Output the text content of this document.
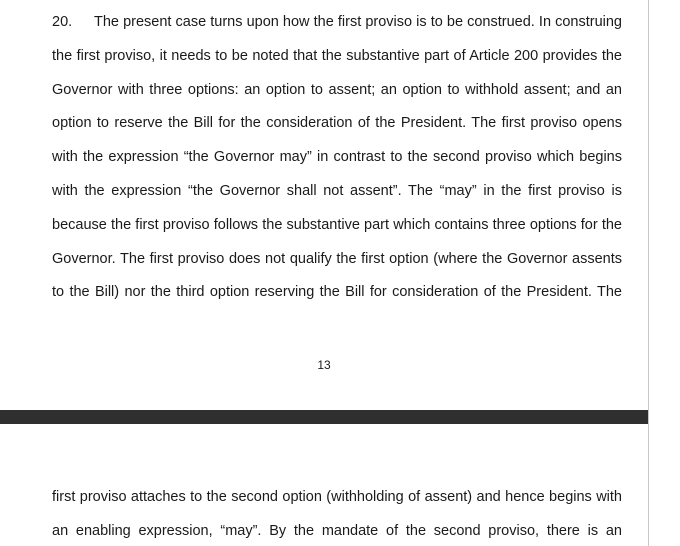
20. The present case turns upon how the first proviso is to be construed. In construing
the first proviso, it needs to be noted that the substantive part of Article 200 provides the
Governor with three options: an option to assent; an option to withhold assent; and an
option to reserve the Bill for the consideration of the President. The first proviso opens
with the expression “the Governor may” in contrast to the second proviso which begins
with the expression “the Governor shall not assent”. The “may” in the first proviso is
because the first proviso follows the substantive part which contains three options for the
Governor. The first proviso does not qualify the first option (where the Governor assents
to the Bill) nor the third option reserving the Bill for consideration of the President. The
13
first proviso attaches to the second option (withholding of assent) and hence begins with
an enabling expression, “may”. By the mandate of the second proviso, there is an
